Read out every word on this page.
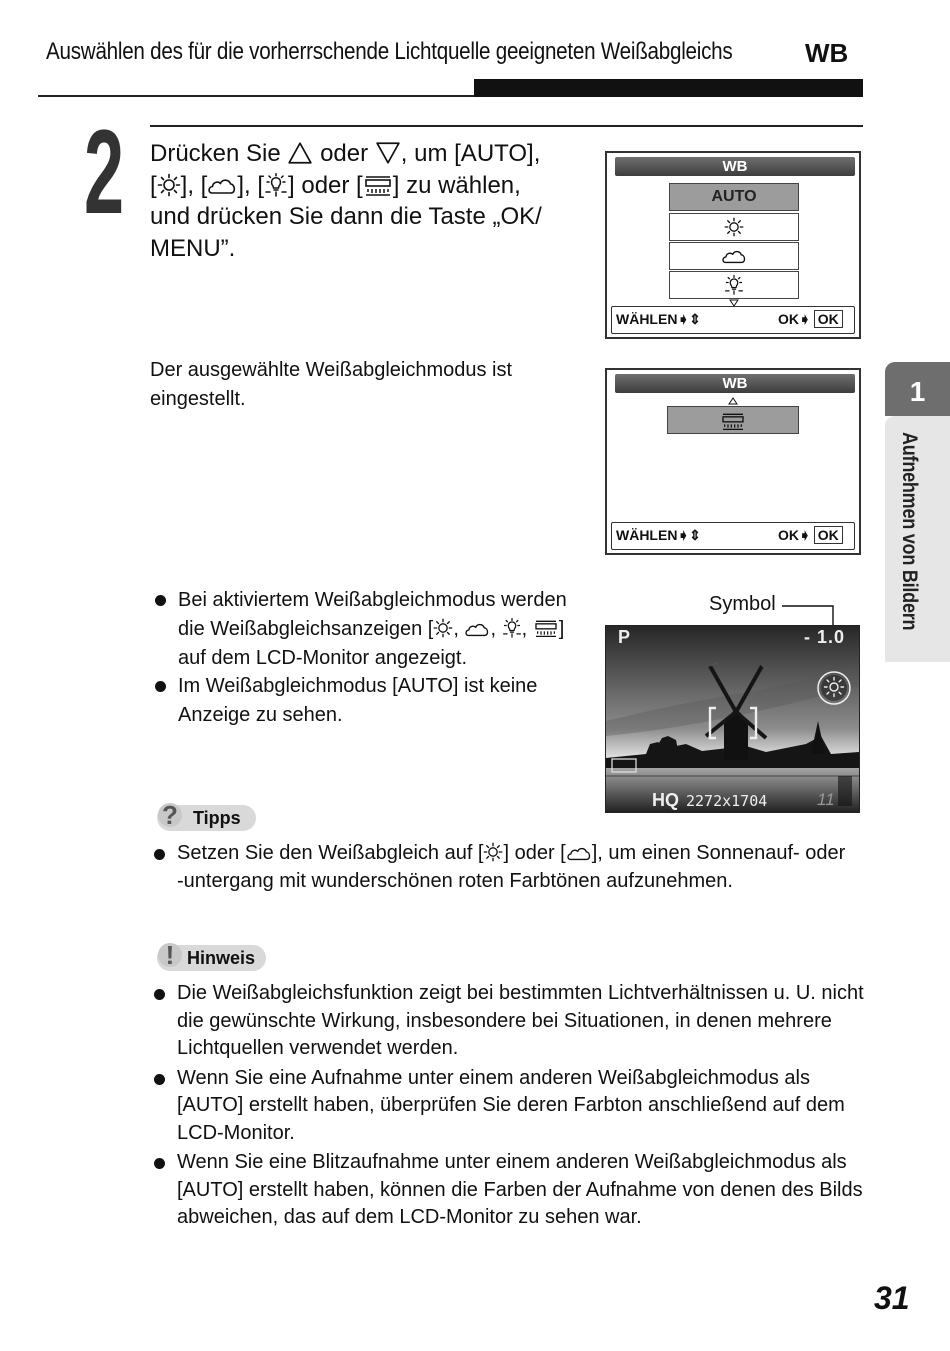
Auswählen des für die vorherrschende Lichtquelle geeigneten Weißabgleichs	WB
2 Drücken Sie oder , um [AUTO],
[ ], [ ], [ ] oder [ ] zu wählen,
und drücken Sie dann die Taste „OK/
MENU”.
WB
AUTO
WÄHLEN➧⇕	OK➧ OK
Der ausgewählte Weißabgleichmodus ist eingestellt.
WB
WÄHLEN➧⇕	OK➧ OK
Bei aktiviertem Weißabgleichmodus werden die Weißabgleichsanzeigen [ , , , ] auf dem LCD-Monitor angezeigt.
Im Weißabgleichmodus [AUTO] ist keine Anzeige zu sehen.
Symbol
P	- 1.0
HQ 2272x1704	11
? Tipps
Setzen Sie den Weißabgleich auf [ ] oder [ ], um einen Sonnenauf- oder -untergang mit wunderschönen roten Farbtönen aufzunehmen.
! Hinweis
Die Weißabgleichsfunktion zeigt bei bestimmten Lichtverhältnissen u. U. nicht die gewünschte Wirkung, insbesondere bei Situationen, in denen mehrere Lichtquellen verwendet werden.
Wenn Sie eine Aufnahme unter einem anderen Weißabgleichmodus als [AUTO] erstellt haben, überprüfen Sie deren Farbton anschließend auf dem LCD-Monitor.
Wenn Sie eine Blitzaufnahme unter einem anderen Weißabgleichmodus als [AUTO] erstellt haben, können die Farben der Aufnahme von denen des Bilds abweichen, das auf dem LCD-Monitor zu sehen war.
1
Aufnehmen von Bildern
31
